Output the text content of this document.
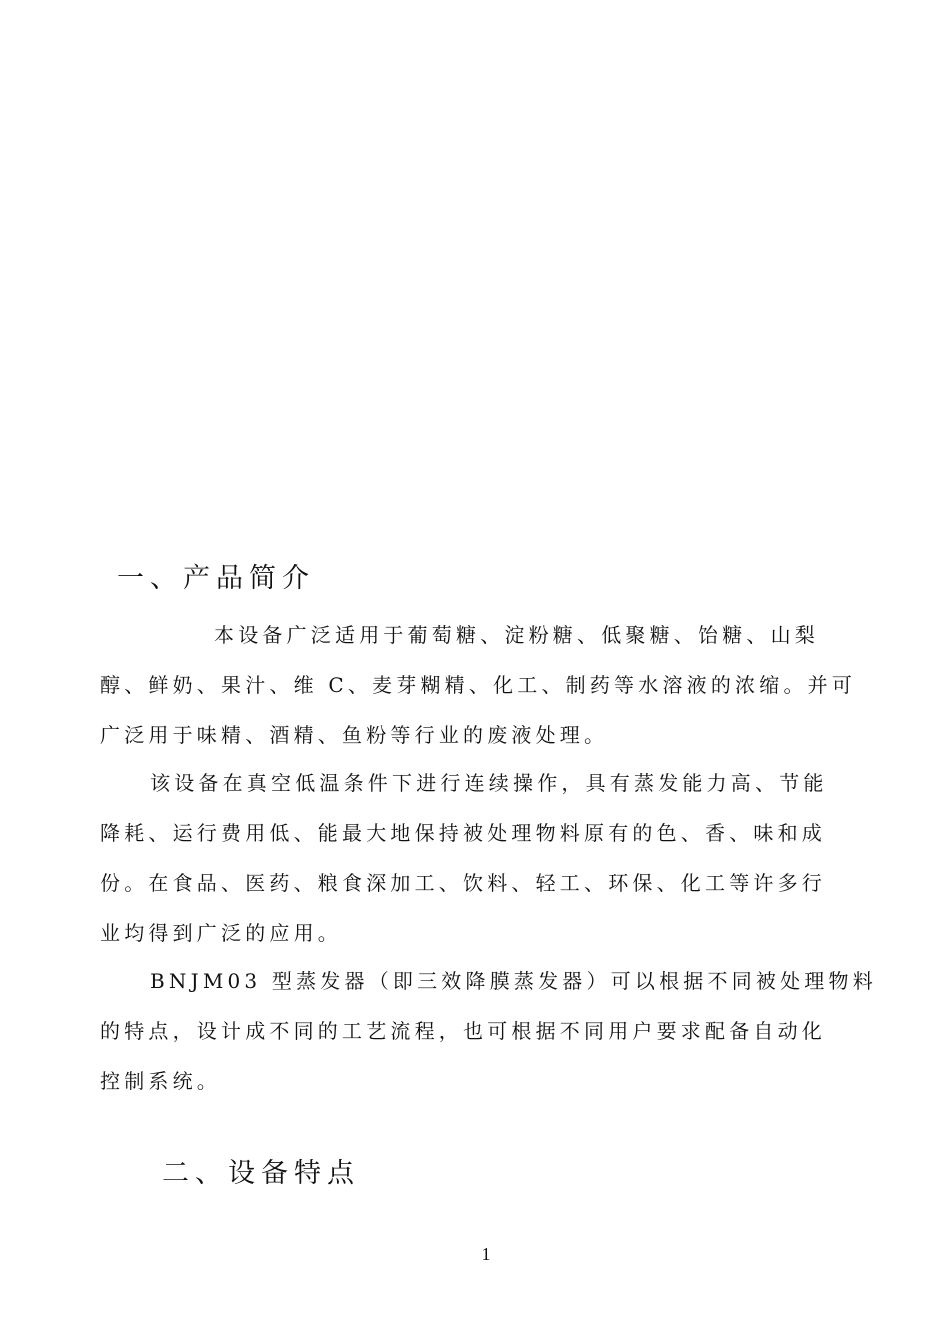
一、产品简介

本设备广泛适用于葡萄糖、淀粉糖、低聚糖、饴糖、山梨
醇、鲜奶、果汁、维 C、麦芽糊精、化工、制药等水溶液的浓缩。并可
广泛用于味精、酒精、鱼粉等行业的废液处理。

该设备在真空低温条件下进行连续操作，具有蒸发能力高、节能
降耗、运行费用低、能最大地保持被处理物料原有的色、香、味和成
份。在食品、医药、粮食深加工、饮料、轻工、环保、化工等许多行
业均得到广泛的应用。

BNJM03 型蒸发器（即三效降膜蒸发器）可以根据不同被处理物料
的特点，设计成不同的工艺流程，也可根据不同用户要求配备自动化
控制系统。

二、设备特点
1
